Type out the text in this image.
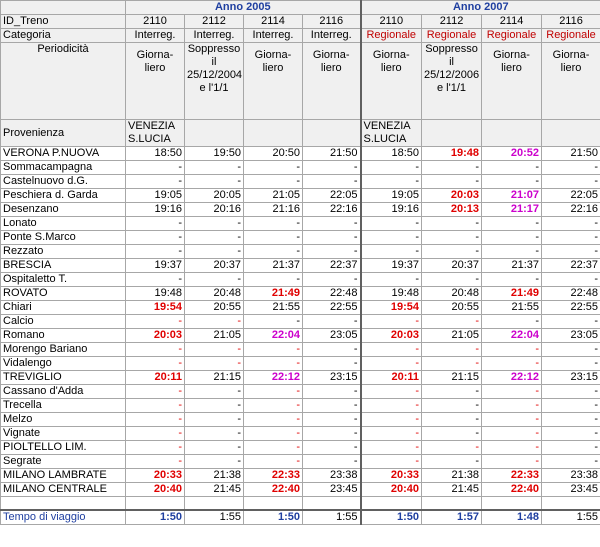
	Anno 2005				Anno 2007			
ID_Treno	2110	2112	2114	2116	2110	2112	2114	2116
Categoria	Interreg.	Interreg.	Interreg.	Interreg.	Regionale	Regionale	Regionale	Regionale
Periodicità	Giorna-liero	Soppresso il 25/12/2004 e l'1/1	Giorna-liero	Giorna-liero	Giorna-liero	Soppresso il 25/12/2006 e l'1/1	Giorna-liero	Giorna-liero
Provenienza	VENEZIA S.LUCIA				VENEZIA S.LUCIA			
VERONA P.NUOVA	18:50	19:50	20:50	21:50	18:50	19:48	20:52	21:50
Sommacampagna	-	-	-	-	-	-	-	-
Castelnuovo d.G.	-	-	-	-	-	-	-	-
Peschiera d. Garda	19:05	20:05	21:05	22:05	19:05	20:03	21:07	22:05
Desenzano	19:16	20:16	21:16	22:16	19:16	20:13	21:17	22:16
Lonato	-	-	-	-	-	-	-	-
Ponte S.Marco	-	-	-	-	-	-	-	-
Rezzato	-	-	-	-	-	-	-	-
BRESCIA	19:37	20:37	21:37	22:37	19:37	20:37	21:37	22:37
Ospitaletto T.	-	-	-	-	-	-	-	-
ROVATO	19:48	20:48	21:49	22:48	19:48	20:48	21:49	22:48
Chiari	19:54	20:55	21:55	22:55	19:54	20:55	21:55	22:55
Calcio	-	-	-	-	-	-	-	-
Romano	20:03	21:05	22:04	23:05	20:03	21:05	22:04	23:05
Morengo Bariano	-	-	-	-	-	-	-	-
Vidalengo	-	-	-	-	-	-	-	-
TREVIGLIO	20:11	21:15	22:12	23:15	20:11	21:15	22:12	23:15
Cassano d'Adda	-	-	-	-	-	-	-	-
Trecella	-	-	-	-	-	-	-	-
Melzo	-	-	-	-	-	-	-	-
Vignate	-	-	-	-	-	-	-	-
PIOLTELLO LIM.	-	-	-	-	-	-	-	-
Segrate	-	-	-	-	-	-	-	-
MILANO LAMBRATE	20:33	21:38	22:33	23:38	20:33	21:38	22:33	23:38
MILANO CENTRALE	20:40	21:45	22:40	23:45	20:40	21:45	22:40	23:45

Tempo di viaggio	1:50	1:55	1:50	1:55	1:50	1:57	1:48	1:55
